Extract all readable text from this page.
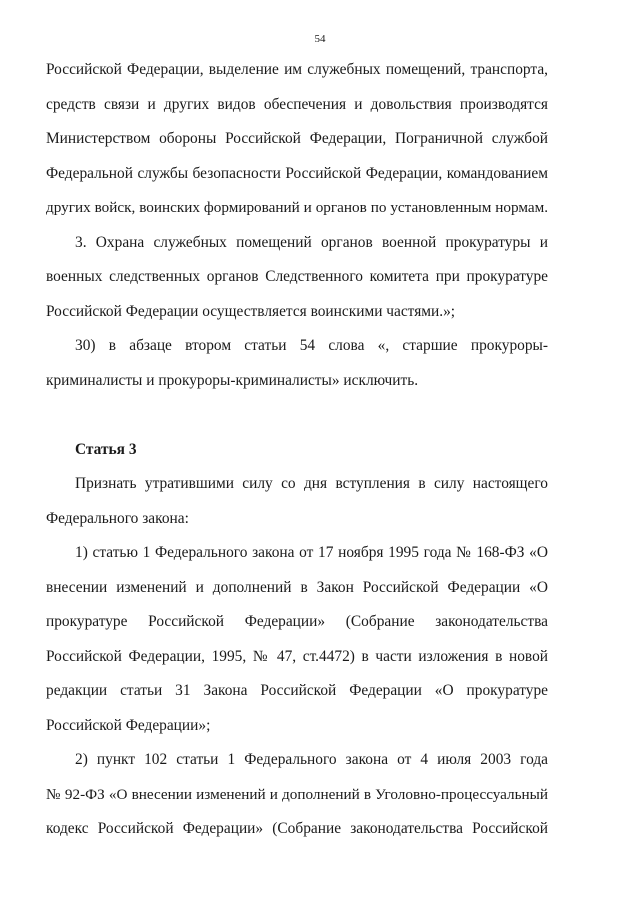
54
Российской Федерации, выделение им служебных помещений, транспорта,
средств связи и других видов обеспечения и довольствия производятся
Министерством обороны Российской Федерации, Пограничной службой
Федеральной службы безопасности Российской Федерации, командованием
других войск, воинских формирований и органов по установленным нормам.
3. Охрана служебных помещений органов военной прокуратуры и
военных следственных органов Следственного комитета при прокуратуре
Российской Федерации осуществляется воинскими частями.»;
30) в абзаце втором статьи 54 слова «, старшие прокуроры-
криминалисты и прокуроры-криминалисты» исключить.
Статья 3
Признать утратившими силу со дня вступления в силу настоящего
Федерального закона:
1) статью 1 Федерального закона от 17 ноября 1995 года № 168-ФЗ «О
внесении изменений и дополнений в Закон Российской Федерации «О
прокуратуре Российской Федерации» (Собрание законодательства
Российской Федерации, 1995, № 47, ст.4472) в части изложения в новой
редакции статьи 31 Закона Российской Федерации «О прокуратуре
Российской Федерации»;
2) пункт 102 статьи 1 Федерального закона от 4 июля 2003 года
№ 92-ФЗ «О внесении изменений и дополнений в Уголовно-процессуальный
кодекс Российской Федерации» (Собрание законодательства Российской
